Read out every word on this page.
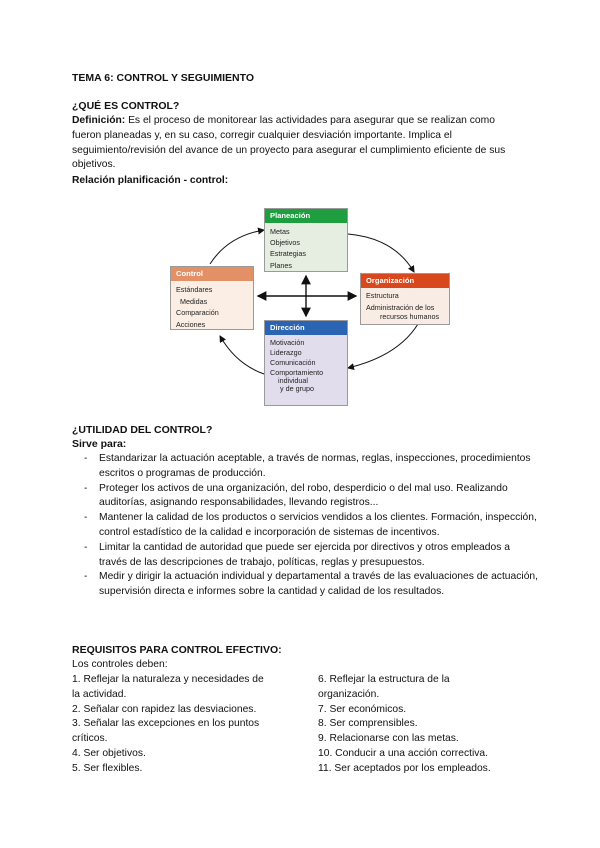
TEMA 6: CONTROL Y SEGUIMIENTO
¿QUÉ ES CONTROL?
Definición: Es el proceso de monitorear las actividades para asegurar que se realizan como fueron planeadas y, en su caso, corregir cualquier desviación importante. Implica el seguimiento/revisión del avance de un proyecto para asegurar el cumplimiento eficiente de sus objetivos.
Relación planificación - control:
Planeación
Metas
Objetivos
Estrategias
Planes
Organización
Estructura
Administración de los
recursos humanos
Dirección
Motivación
Liderazgo
Comunicación
Comportamiento
individual
y de grupo
Control
Estándares
Medidas
Comparación
Acciones
¿UTILIDAD DEL CONTROL?
Sirve para:
- Estandarizar la actuación aceptable, a través de normas, reglas, inspecciones, procedimientos escritos o programas de producción.
- Proteger los activos de una organización, del robo, desperdicio o del mal uso. Realizando auditorías, asignando responsabilidades, llevando registros...
- Mantener la calidad de los productos o servicios vendidos a los clientes. Formación, inspección, control estadístico de la calidad e incorporación de sistemas de incentivos.
- Limitar la cantidad de autoridad que puede ser ejercida por directivos y otros empleados a través de las descripciones de trabajo, políticas, reglas y presupuestos.
- Medir y dirigir la actuación individual y departamental a través de las evaluaciones de actuación, supervisión directa e informes sobre la cantidad y calidad de los resultados.
REQUISITOS PARA CONTROL EFECTIVO:
Los controles deben:
1. Reflejar la naturaleza y necesidades de
la actividad.
2. Señalar con rapidez las desviaciones.
3. Señalar las excepciones en los puntos
críticos.
4. Ser objetivos.
5. Ser flexibles.
6. Reflejar la estructura de la
organización.
7. Ser económicos.
8. Ser comprensibles.
9. Relacionarse con las metas.
10. Conducir a una acción correctiva.
11. Ser aceptados por los empleados.
